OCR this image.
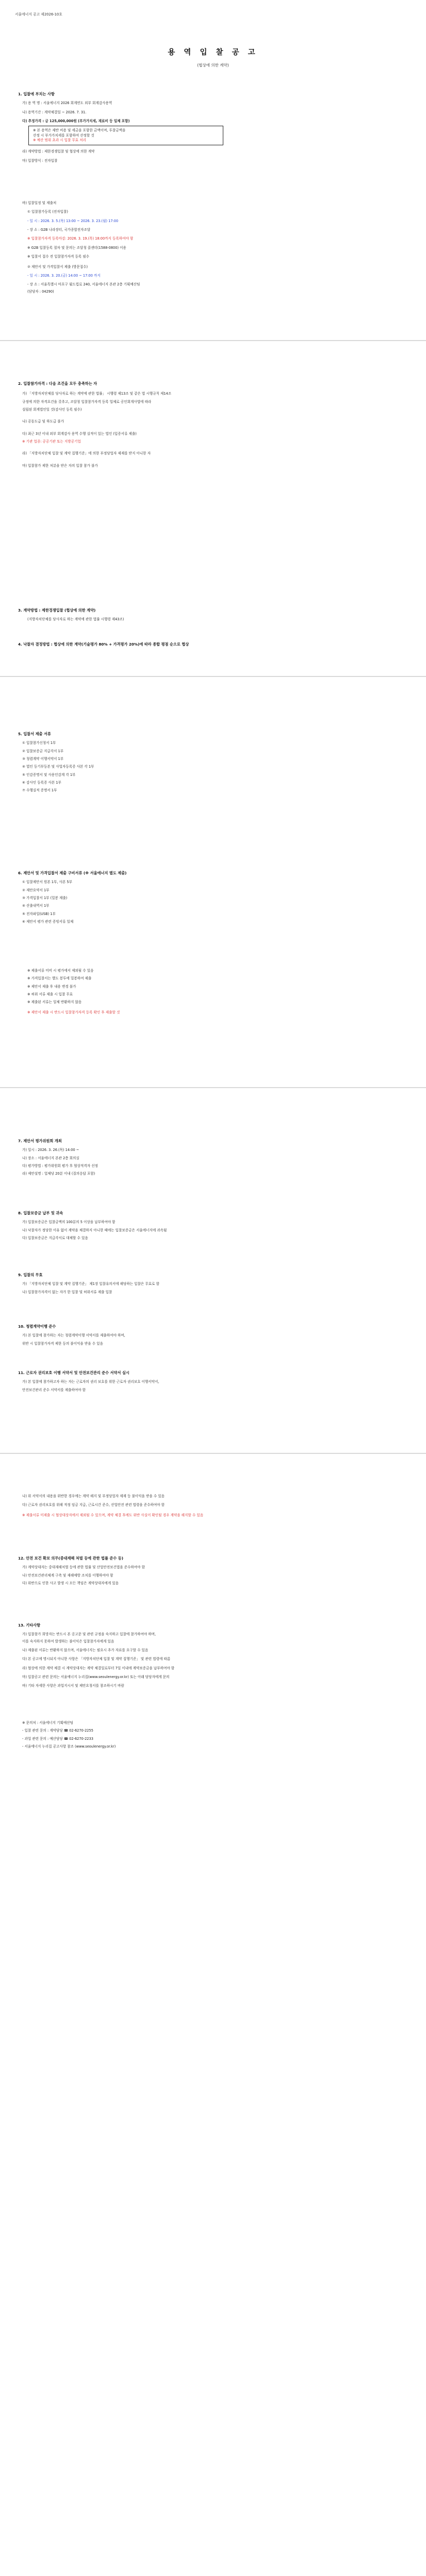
서울에너지 공고 제2026-10호
용 역 입 찰 공 고
(협상에 의한 계약)

1. 입찰에 부치는 사항

가) 용 역 명 : 서울에너지 2026 회계연도 외부 회계감사용역

나) 용역기간 : 계약체결일 ~ 2026. 7. 31.

다) 추정가격 : 금 125,000,000원 (부가가치세, 재료비 등 일체 포함)

※ 본 용역은 제반 비용 및 세금을 포함한 금액이며, 투찰금액을

산정 시 부가가치세를 포함하여 산정할 것

※ 예산 범위 초과 시 입찰 무효 처리

라) 계약방법 : 제한경쟁입찰 및 협상에 의한 계약

마) 입찰방식 : 전자입찰

바) 입찰일정 및 제출처

① 입찰참가등록 (전자입찰)

- 일 시 : 2026. 3. 5.(목) 13:00 ~ 2026. 3. 23.(월) 17:00

- 장 소 : G2B 나라장터, 국가종합전자조달

※ 입찰참가자격 등록마감: 2026. 3. 19.(목) 18:00까지 등록하여야 함

※ G2B 입찰등록 절차 및 문의는 조달청 콜센터(1588-0800) 이용

※ 입찰서 접수 전 입찰참가자격 등록 필수

② 제안서 및 가격입찰서 제출 (방문접수)

- 일 시 : 2026. 3. 20.(금) 14:00 ~ 17:00 까지

- 장 소 : 서울특별시 마포구 월드컵로 240, 서울에너지 본관 2층 기획예산팀

(담당자 : 04290)

2. 입찰참가자격 : 다음 조건을 모두 충족하는 자

가) 「지방자치단체를 당사자로 하는 계약에 관한 법률」 시행령 제13조 및 같은 법 시행규칙 제14조

규정에 의한 자격요건을 갖추고, 조달청 입찰참가자격 등록 업체로 공인회계사법에 따라

설립된 회계법인일 것(감사인 등록 필수)

나) 공동도급 및 하도급 불가

다) 최근 3년 이내 외부 회계감사 용역 수행 실적이 있는 법인 (입증서류 제출)

※ 기관 업종: 공공기관 또는 지방공기업

라) 「지방자치단체 입찰 및 계약 집행기준」에 의한 부정당업자 제재를 받지 아니한 자

마) 입찰참가 제한 처분을 받은 자의 입찰 참가 불가

3. 계약방법 : 제한경쟁입찰 (협상에 의한 계약)

(지방자치단체를 당사자로 하는 계약에 관한 법률 시행령 제43조)

4. 낙찰자 결정방법 : 협상에 의한 계약(기술평가 80% + 가격평가 20%)에 따라 종합 평점 순으로 협상

5. 입찰서 제출 서류

① 입찰참가신청서 1부

② 입찰보증금 지급각서 1부

③ 청렴계약 이행서약서 1부

④ 법인 등기부등본 및 사업자등록증 사본 각 1부

⑤ 인감증명서 및 사용인감계 각 1부

⑥ 감사인 등록증 사본 1부

⑦ 수행실적 증명서 1부

6. 제안서 및 가격입찰서 제출 구비서류 (※ 서울에너지 별도 제출)

① 입찰제안서 원본 1부, 사본 5부

② 제안요약서 1부

③ 가격입찰서 1부 (밀봉 제출)

④ 산출내역서 1부

⑤ 전자파일(USB) 1부

⑥ 제안서 평가 관련 증빙서류 일체

※ 제출서류 미비 시 평가에서 제외될 수 있음

※ 가격입찰서는 별도 봉투에 밀봉하여 제출

※ 제안서 제출 후 내용 변경 불가

※ 허위 서류 제출 시 입찰 무효

※ 제출된 서류는 일체 반환하지 않음

※ 제안서 제출 시 반드시 입찰참가자격 등록 확인 후 제출할 것

7. 제안서 평가위원회 개최

가) 일시 : 2026. 3. 26.(목) 14:00 ~

나) 장소 : 서울에너지 본관 2층 회의실

다) 평가방법 : 평가위원회 평가 후 협상적격자 선정

라) 제안설명 : 업체당 20분 이내 (질의응답 포함)

8. 입찰보증금 납부 및 귀속

가) 입찰보증금은 입찰금액의 100분의 5 이상을 납부하여야 함

나) 낙찰자가 정당한 이유 없이 계약을 체결하지 아니한 때에는 입찰보증금은 서울에너지에 귀속됨

다) 입찰보증금은 지급각서로 대체할 수 있음

9. 입찰의 무효

가) 「지방자치단체 입찰 및 계약 집행기준」 제1장 입찰유의서에 해당하는 입찰은 무효로 함

나) 입찰참가자격이 없는 자가 한 입찰 및 허위서류 제출 입찰

10. 청렴계약이행 준수

가) 본 입찰에 참가하는 자는 청렴계약이행 서약서를 제출하여야 하며,

위반 시 입찰참가자격 제한 등의 불이익을 받을 수 있음

11. 근로자 권리보호 이행 서약서 및 안전보건관리 준수 서약서 실시

가) 본 입찰에 참가하고자 하는 자는 근로자의 권리 보호를 위한 근로자 권리보호 이행서약서,

안전보건관리 준수 서약서를 제출하여야 함

나) 위 서약서의 내용을 위반한 경우에는 계약 해지 및 부정당업자 제재 등 불이익을 받을 수 있음

다) 근로자 권리보호를 위해 적정 임금 지급, 근로시간 준수, 산업안전 관련 법령을 준수하여야 함

※ 제출서류 미제출 시 협상대상자에서 제외될 수 있으며, 계약 체결 후에도 위반 사실이 확인될 경우 계약을 해지할 수 있음

12. 안전 보건 확보 의무(중대재해 처벌 등에 관한 법률 준수 등)

가) 계약상대자는 중대재해처벌 등에 관한 법률 및 산업안전보건법을 준수하여야 함

나) 안전보건관리체계 구축 및 재해예방 조치를 이행하여야 함

다) 위반으로 인한 사고 발생 시 모든 책임은 계약상대자에게 있음

13. 기타사항

가) 입찰참가 희망자는 반드시 본 공고문 및 관련 규정을 숙지하고 입찰에 참가하여야 하며,

이를 숙지하지 못하여 발생하는 불이익은 입찰참가자에게 있음

나) 제출된 서류는 반환하지 않으며, 서울에너지는 필요시 추가 자료를 요구할 수 있음

다) 본 공고에 명시되지 아니한 사항은 「지방자치단체 입찰 및 계약 집행기준」 및 관련 법령에 따름

라) 협상에 의한 계약 체결 시 계약상대자는 계약 체결일로부터 7일 이내에 계약보증금을 납부하여야 함

마) 입찰공고 관련 문의는 서울에너지 누리집(www.seoulenergy.or.kr) 또는 아래 담당자에게 문의

바) 기타 자세한 사항은 과업지시서 및 제안요청서를 참조하시기 바람

※ 문의처 : 서울에너지 기획예산팀

- 입찰 관련 문의 : 계약담당 ☎ 02-6270-2255

- 과업 관련 문의 : 예산담당 ☎ 02-6270-2233

- 서울에너지 누리집 공고사항 참조 (www.seoulenergy.or.kr)
